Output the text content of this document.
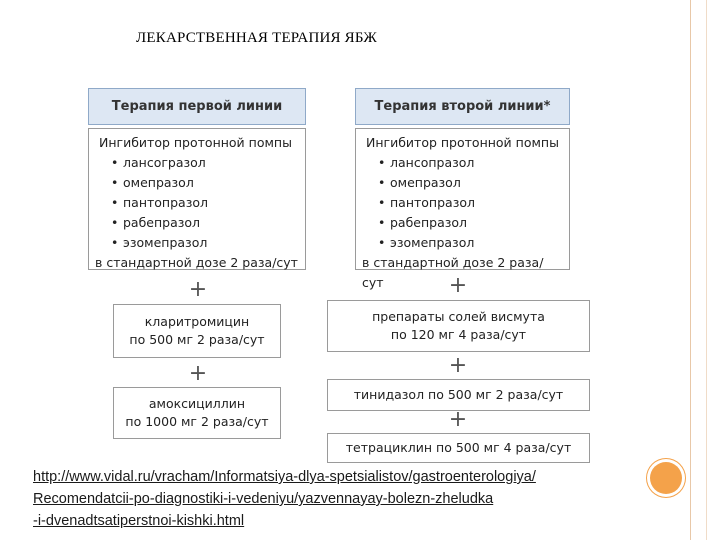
ЛЕКАРСТВЕННАЯ ТЕРАПИЯ ЯБЖ
Терапия первой линии
Ингибитор протонной помпы
• лансогразол
• омепразол
• пантопразол
• рабепразол
• эзомепразол
в стандартной дозе 2 раза/сут
+
кларитромицин
по 500 мг 2 раза/сут
+
амоксициллин
по 1000 мг 2 раза/сут
Терапия второй линии*
Ингибитор протонной помпы
• лансопразол
• омепразол
• пантопразол
• рабепразол
• эзомепразол
в стандартной дозе 2 раза/сут	+
препараты солей висмута
по 120 мг 4 раза/сут
+
тинидазол по 500 мг 2 раза/сут
+
тетрациклин по 500 мг 4 раза/сут
http://www.vidal.ru/vracham/Informatsiya-dlya-spetsialistov/gastroenterologiya/
Recomendatcii-po-diagnostiki-i-vedeniyu/yazvennayay-bolezn-zheludka
-i-dvenadtsatiperstnoi-kishki.html
